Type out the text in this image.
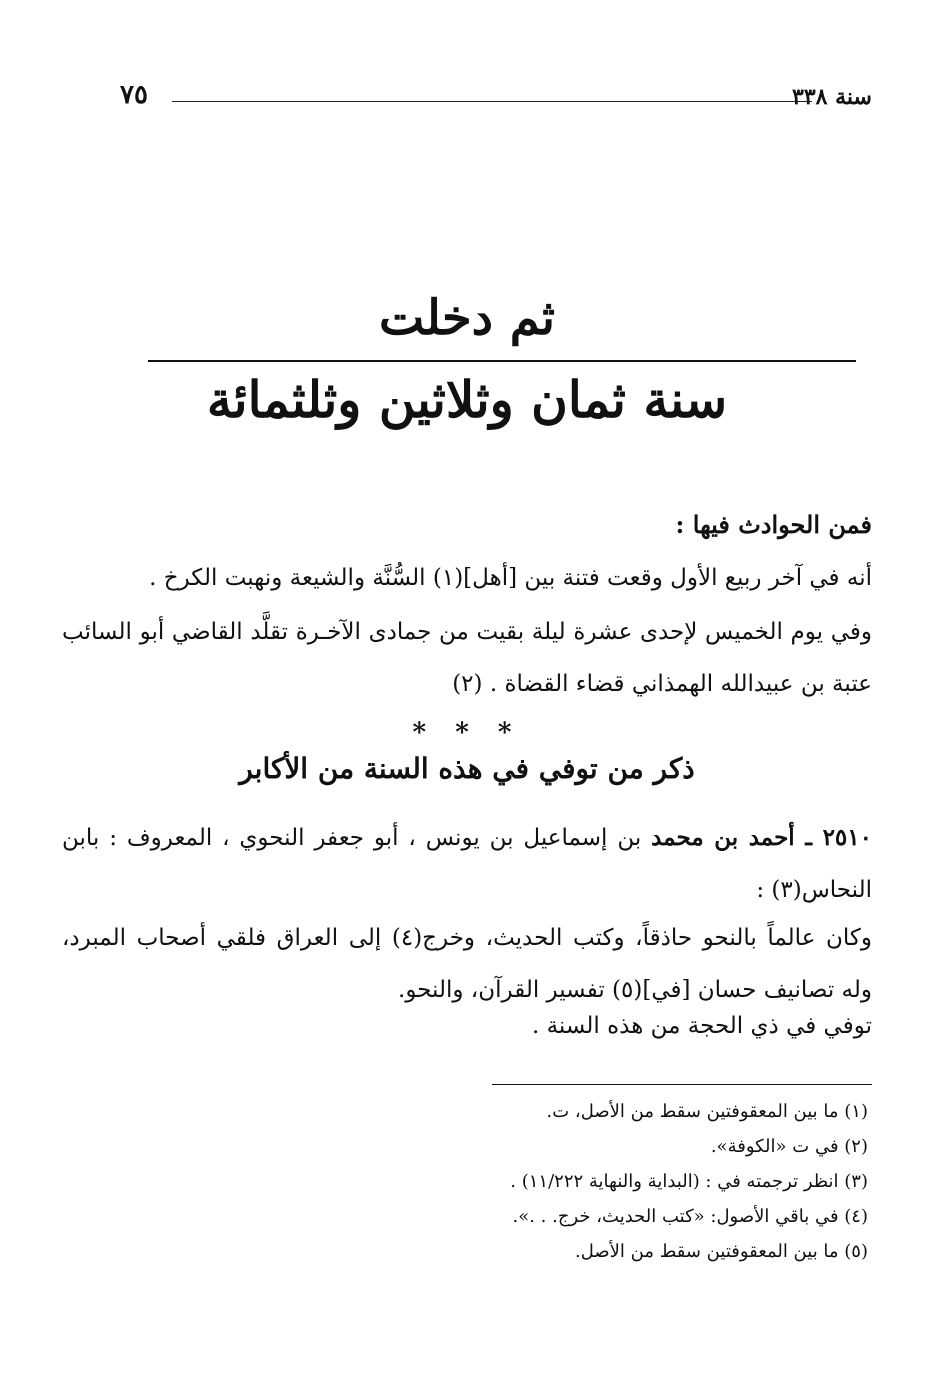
سنة ٣٣٨
٧٥
ثم دخلت
سنة ثمان وثلاثين وثلثمائة
فمن الحوادث فيها :
أنه في آخر ربيع الأول وقعت فتنة بين [أهل](١) السُّنَّة والشيعة ونهبت الكرخ .
وفي يوم الخميس لإحدى عشرة ليلة بقيت من جمادى الآخـرة تقلَّد القاضي أبو السائب عتبة بن عبيدالله الهمذاني قضاء القضاة . (٢)
* * *
ذكر من توفي في هذه السنة من الأكابر
٢٥١٠ ـ أحمد بن محمد بن إسماعيل بن يونس ، أبو جعفر النحوي ، المعروف : بابن النحاس(٣) :
وكان عالماً بالنحو حاذقاً، وكتب الحديث، وخرج(٤) إلى العراق فلقي أصحاب المبرد، وله تصانيف حسان [في](٥) تفسير القرآن، والنحو.
توفي في ذي الحجة من هذه السنة .
(١) ما بين المعقوفتين سقط من الأصل، ت.
(٢) في ت «الكوفة».
(٣) انظر ترجمته في : (البداية والنهاية ١١/٢٢٢) .
(٤) في باقي الأصول: «كتب الحديث، خرج. . .».
(٥) ما بين المعقوفتين سقط من الأصل.
